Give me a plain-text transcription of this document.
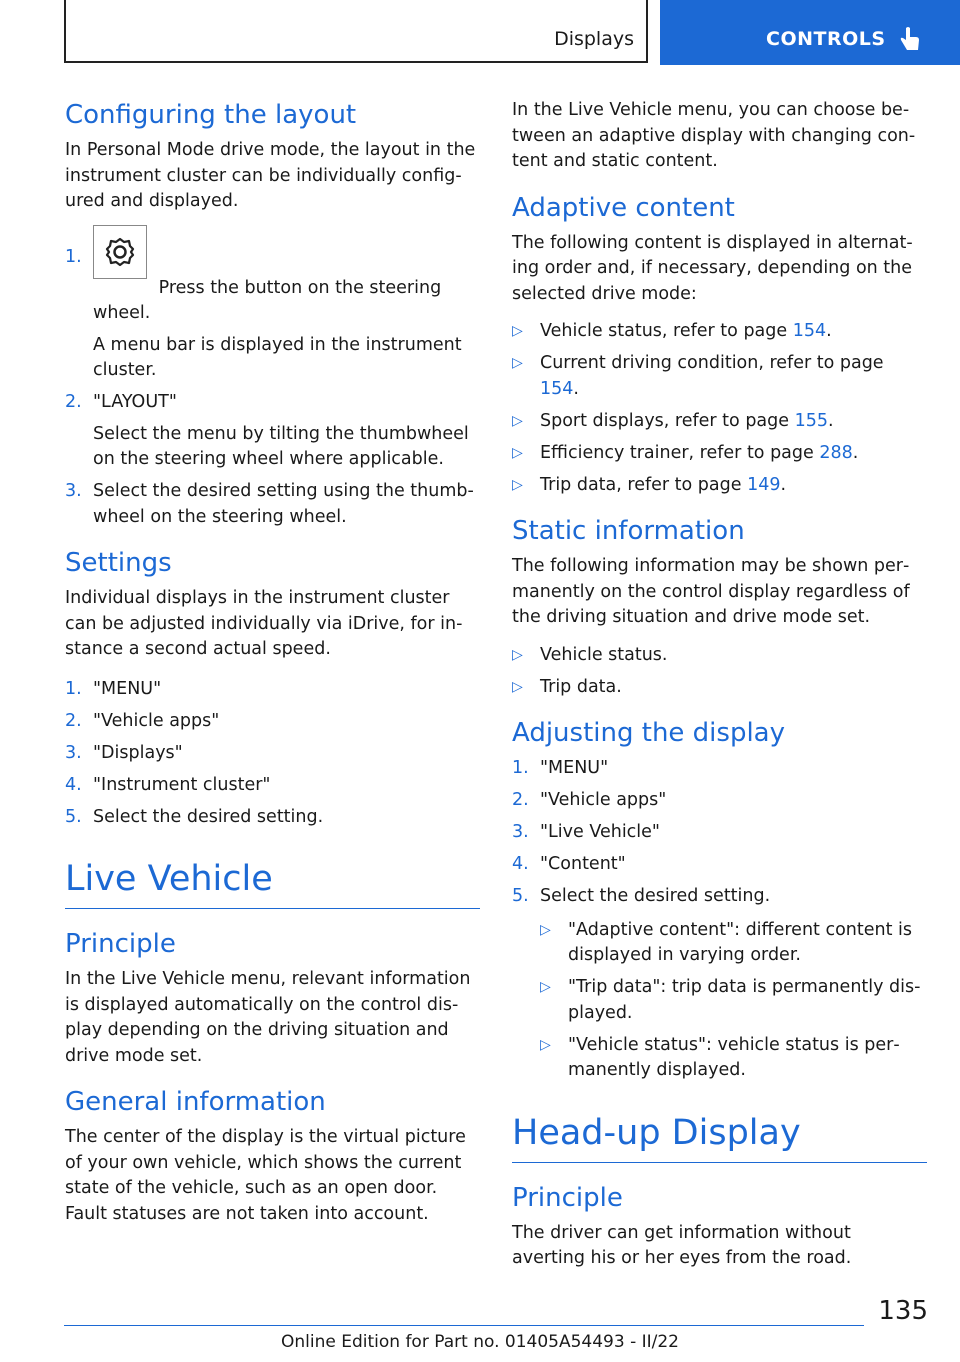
Displays	CONTROLS
Configuring the layout

In Personal Mode drive mode, the layout in the instrument cluster can be individually config‐ured and displayed.

1.
Press the button on the steering wheel.

A menu bar is displayed in the instrument cluster.

2. "LAYOUT"

Select the menu by tilting the thumbwheel on the steering wheel where applicable.

3. Select the desired setting using the thumb‐wheel on the steering wheel.
Settings

Individual displays in the instrument cluster can be adjusted individually via iDrive, for in‐stance a second actual speed.

1. "MENU"
2. "Vehicle apps"
3. "Displays"
4. "Instrument cluster"
5. Select the desired setting.
Live Vehicle
Principle

In the Live Vehicle menu, relevant information is displayed automatically on the control dis‐play depending on the driving situation and drive mode set.

General information

The center of the display is the virtual picture of your own vehicle, which shows the current state of the vehicle, such as an open door. Fault statuses are not taken into account.

In the Live Vehicle menu, you can choose be‐tween an adaptive display with changing con‐tent and static content.

Adaptive content

The following content is displayed in alternat‐ing order and, if necessary, depending on the selected drive mode:

▷ Vehicle status, refer to page 154.
▷ Current driving condition, refer to page 154.
▷ Sport displays, refer to page 155.
▷ Efficiency trainer, refer to page 288.
▷ Trip data, refer to page 149.
Static information

The following information may be shown per‐manently on the control display regardless of the driving situation and drive mode set.

▷ Vehicle status.
▷ Trip data.
Adjusting the display
1. "MENU"
2. "Vehicle apps"
3. "Live Vehicle"
4. "Content"
5. Select the desired setting.
▷ "Adaptive content": different content is displayed in varying order.
▷ "Trip data": trip data is permanently dis‐played.
▷ "Vehicle status": vehicle status is per‐manently displayed.
Head-up Display
Principle

The driver can get information without averting his or her eyes from the road.

135
Online Edition for Part no. 01405A54493 - II/22
